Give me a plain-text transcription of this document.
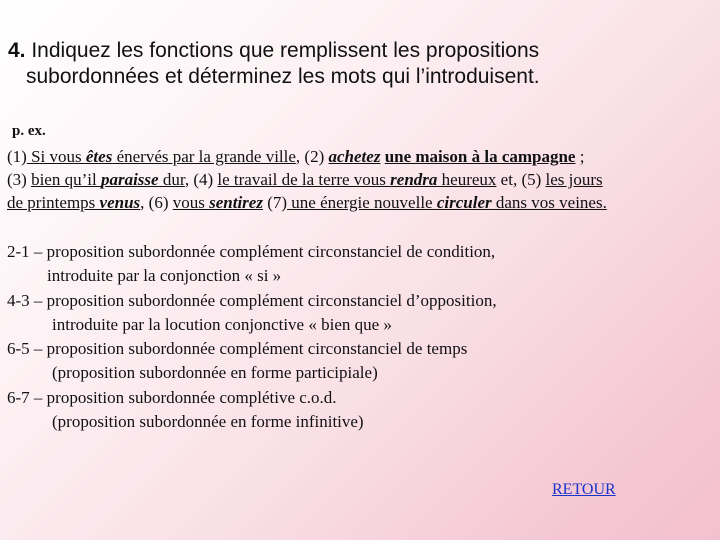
4. Indiquez les fonctions que remplissent les propositions
subordonnées et déterminez les mots qui l’introduisent.
p. ex.
(1) Si vous êtes énervés par la grande ville, (2) achetez une maison à la campagne ;
(3) bien qu’il paraisse dur, (4) le travail de la terre vous rendra heureux et, (5) les jours
de printemps venus, (6) vous sentirez (7) une énergie nouvelle circuler dans vos veines.
2-1 – proposition subordonnée complément circonstanciel de condition,
introduite par la conjonction « si »
4-3 – proposition subordonnée complément circonstanciel d’opposition,
introduite par la locution conjonctive « bien que »
6-5 – proposition subordonnée complément circonstanciel de temps
(proposition subordonnée en forme participiale)
6-7 – proposition subordonnée complétive c.o.d.
(proposition subordonnée en forme infinitive)
RETOUR
